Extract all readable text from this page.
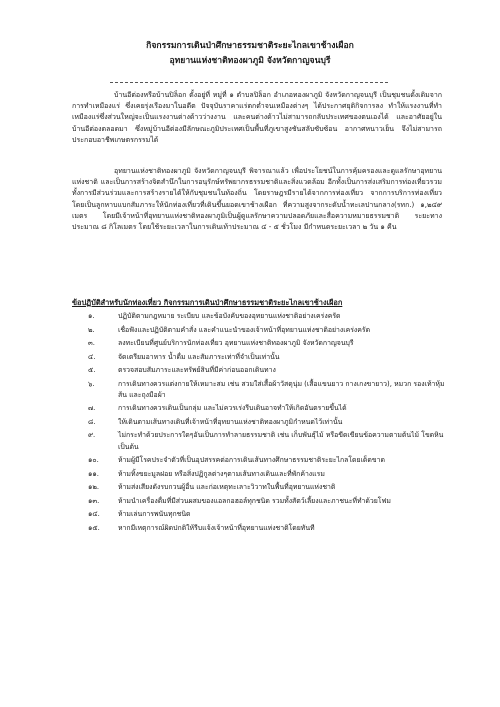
กิจกรรมการเดินป่าศึกษาธรรมชาติระยะไกลเขาช้างเผือก
อุทยานแห่งชาติทองผาภูมิ จังหวัดกาญจนบุรี

บ้านอีต่องหรือบ้านปิล็อก ตั้งอยู่ที่ หมู่ที่ ๑ ตำบลปิล็อก อำเภอทองผาภูมิ จังหวัดกาญจนบุรี เป็นชุมชนดั้งเดิมจากการทำเหมืองแร่ ซึ่งเคยรุ่งเรืองมาในอดีต ปัจจุบันราคาแร่ตกต่ำจนเหมืองต่างๆ ได้ประกาศยุติกิจการลง ทำให้แรงงานที่ทำเหมืองแร่ซึ่งส่วนใหญ่จะเป็นแรงงานต่างด้าวว่างงาน และคนต่างด้าวไม่สามารถกลับประเทศของตนเองได้ และอาศัยอยู่ในบ้านอีต่องตลอดมา ซึ่งหมู่บ้านอีต่องมีลักษณะภูมิประเทศเป็นพื้นที่ภูเขาสูงชันสลับซับซ้อน อากาศหนาวเย็น จึงไม่สามารถประกอบอาชีพเกษตรกรรมได้

อุทยานแห่งชาติทองผาภูมิ จังหวัดกาญจนบุรี พิจารณาแล้ว เพื่อประโยชน์ในการคุ้มครองและดูแลรักษาอุทยานแห่งชาติ และเป็นการสร้างจิตสำนึกในการอนุรักษ์ทรัพยากรธรรมชาติและสิ่งแวดล้อม อีกทั้งเป็นการส่งเสริมการท่องเที่ยวรวมทั้งการมีส่วนร่วมและการสร้างรายได้ให้กับชุมชนในท้องถิ่น โดยราษฎรมีรายได้จากการท่องเที่ยว จากการบริการท่องเที่ยวโดยเป็นลูกหาบแบกสัมภาระให้นักท่องเที่ยวที่เดินขึ้นยอดเขาช้างเผือก ที่ความสูงจากระดับน้ำทะเลปานกลาง(รทก.) ๑,๒๔๙ เมตร โดยมีเจ้าหน้าที่อุทยานแห่งชาติทองผาภูมิเป็นผู้ดูแลรักษาความปลอดภัยและสื่อความหมายธรรมชาติ ระยะทางประมาณ ๘ กิโลเมตร โดยใช้ระยะเวลาในการเดินเท้าประมาณ ๔ - ๕ ชั่วโมง มีกำหนดระยะเวลา ๒ วัน ๑ คืน

ข้อปฏิบัติสำหรับนักท่องเที่ยว กิจกรรมการเดินป่าศึกษาธรรมชาติระยะไกลเขาช้างเผือก
๑.	ปฏิบัติตามกฎหมาย ระเบียบ และข้อบังคับของอุทยานแห่งชาติอย่างเคร่งครัด
๒.	เชื่อฟังและปฏิบัติตามคำสั่ง และคำแนะนำของเจ้าหน้าที่อุทยานแห่งชาติอย่างเคร่งครัด
๓.	ลงทะเบียนที่ศูนย์บริการนักท่องเที่ยว อุทยานแห่งชาติทองผาภูมิ จังหวัดกาญจนบุรี
๔.	จัดเตรียมอาหาร น้ำดื่ม และสัมภาระเท่าที่จำเป็นเท่านั้น
๕.	ตรวจสอบสัมภาระและทรัพย์สินที่มีค่าก่อนออกเดินทาง
๖.	การเดินทางควรแต่งกายให้เหมาะสม เช่น สวมใส่เสื้อผ้าวัสดุนุ่ม (เสื้อแขนยาว กางเกงขายาว), หมวก รองเท้าหุ้มส้น และถุงมือผ้า
๗.	การเดินทางควรเดินเป็นกลุ่ม และไม่ควรเร่งรีบเดินอาจทำให้เกิดอันตรายขึ้นได้
๘.	ให้เดินตามเส้นทางเดินที่เจ้าหน้าที่อุทยานแห่งชาติทองผาภูมิกำหนดไว้เท่านั้น
๙.	ไม่กระทำด้วยประการใดๆอันเป็นการทำลายธรรมชาติ เช่น เก็บพันธุ์ไม้ หรือขีดเขียนข้อความตามต้นไม้ โขดหิน เป็นต้น
๑๐.	ห้ามผู้มีโรคประจำตัวที่เป็นอุปสรรคต่อการเดินเส้นทางศึกษาธรรมชาติระยะไกลโดยเด็ดขาด
๑๑.	ห้ามทิ้งขยะมูลฝอย หรือสิ่งปฏิกูลต่างๆตามเส้นทางเดินและที่พักค้างแรม
๑๒.	ห้ามส่งเสียงดังรบกวนผู้อื่น และก่อเหตุทะเลาะวิวาทในพื้นที่อุทยานแห่งชาติ
๑๓.	ห้ามนำเครื่องดื่มที่มีส่วนผสมของแอลกอฮอล์ทุกชนิด รวมทั้งสัตว์เลี้ยงและภาชนะที่ทำด้วยโฟม
๑๔.	ห้ามเล่นการพนันทุกชนิด
๑๕.	หากมีเหตุการณ์ผิดปกติให้รีบแจ้งเจ้าหน้าที่อุทยานแห่งชาติโดยทันที
